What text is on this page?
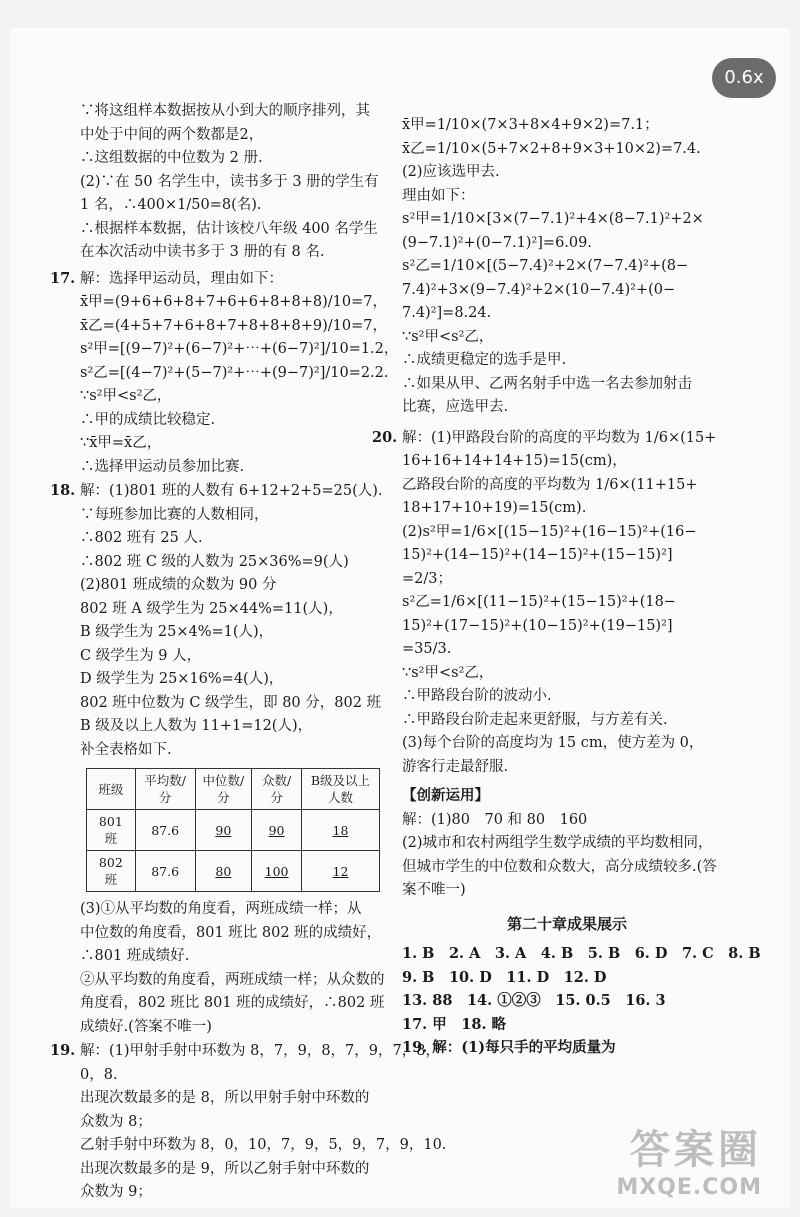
∵将这组样本数据按从小到大的顺序排列，其
中处于中间的两个数都是2，
∴这组数据的中位数为 2 册.
(2)∵在 50 名学生中，读书多于 3 册的学生有
1 名，∴400×1/50=8(名).
∴根据样本数据，估计该校八年级 400 名学生
在本次活动中读书多于 3 册的有 8 名.
17. 解：选择甲运动员，理由如下：
x̄甲=(9+6+6+8+7+6+6+8+8+8)/10=7，
x̄乙=(4+5+7+6+8+7+8+8+8+9)/10=7，
s²甲=[(9−7)²+(6−7)²+⋯+(6−7)²]/10=1.2，
s²乙=[(4−7)²+(5−7)²+⋯+(9−7)²]/10=2.2.
∵s²甲<s²乙，
∴甲的成绩比较稳定.
∵x̄甲=x̄乙，
∴选择甲运动员参加比赛.
18. 解：(1)801 班的人数有 6+12+2+5=25(人).
∵每班参加比赛的人数相同，
∴802 班有 25 人.
∴802 班 C 级的人数为 25×36%=9(人)
(2)801 班成绩的众数为 90 分
802 班 A 级学生为 25×44%=11(人)，
B 级学生为 25×4%=1(人)，
C 级学生为 9 人，
D 级学生为 25×16%=4(人)，
802 班中位数为 C 级学生，即 80 分，802 班
B 级及以上人数为 11+1=12(人)，
补全表格如下.
班级	平均数/分	中位数/分	众数/分	B级及以上人数
801 班	87.6	90	90	18
802 班	87.6	80	100	12
(3)①从平均数的角度看，两班成绩一样；从
中位数的角度看，801 班比 802 班的成绩好，
∴801 班成绩好.
②从平均数的角度看，两班成绩一样；从众数的
角度看，802 班比 801 班的成绩好，∴802 班
成绩好.(答案不唯一)
19. 解：(1)甲射手射中环数为 8，7，9，8，7，9，7，8，
0，8.
出现次数最多的是 8，所以甲射手射中环数的
众数为 8；
乙射手射中环数为 8，0，10，7，9，5，9，7，9，10.
出现次数最多的是 9，所以乙射手射中环数的
众数为 9；
x̄甲=1/10×(7×3+8×4+9×2)=7.1；
x̄乙=1/10×(5+7×2+8+9×3+10×2)=7.4.
(2)应该选甲去.
理由如下：
s²甲=1/10×[3×(7−7.1)²+4×(8−7.1)²+2×
(9−7.1)²+(0−7.1)²]=6.09.
s²乙=1/10×[(5−7.4)²+2×(7−7.4)²+(8−
7.4)²+3×(9−7.4)²+2×(10−7.4)²+(0−
7.4)²]=8.24.
∵s²甲<s²乙，
∴成绩更稳定的选手是甲.
∴如果从甲、乙两名射手中选一名去参加射击
比赛，应选甲去.
20. 解：(1)甲路段台阶的高度的平均数为 1/6×(15+
16+16+14+14+15)=15(cm)，
乙路段台阶的高度的平均数为 1/6×(11+15+
18+17+10+19)=15(cm).
(2)s²甲=1/6×[(15−15)²+(16−15)²+(16−
15)²+(14−15)²+(14−15)²+(15−15)²]
=2/3；
s²乙=1/6×[(11−15)²+(15−15)²+(18−
15)²+(17−15)²+(10−15)²+(19−15)²]
=35/3.
∵s²甲<s²乙，
∴甲路段台阶的波动小.
∴甲路段台阶走起来更舒服，与方差有关.
(3)每个台阶的高度均为 15 cm，使方差为 0，
游客行走最舒服.
【创新运用】
解：(1)80　70 和 80　160
(2)城市和农村两组学生数学成绩的平均数相同，
但城市学生的中位数和众数大，高分成绩较多.(答
案不唯一)
第二十章成果展示
1. B　2. A　3. A　4. B　5. B　6. D　7. C　8. B
9. B　10. D　11. D　12. D
13. 88　14. ①②③　15. 0.5　16. 3
17. 甲　18. 略
19. 解：(1)每只手的平均质量为
答案圈
MXQE.COM
0.6x
